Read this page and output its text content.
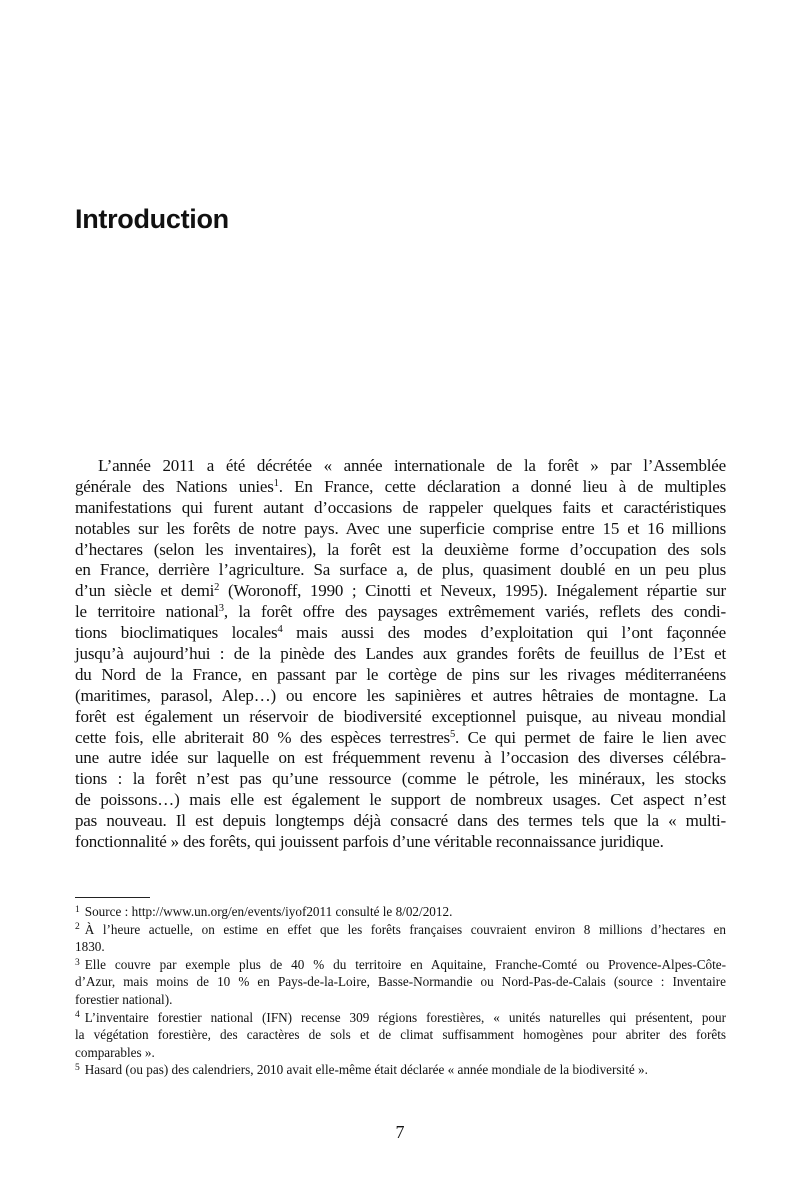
Introduction
L’année 2011 a été décrétée « année internationale de la forêt » par l’Assemblée
générale des Nations unies$^1$. En France, cette déclaration a donné lieu à de multiples
manifestations qui furent autant d’occasions de rappeler quelques faits et caractéristiques
notables sur les forêts de notre pays. Avec une superficie comprise entre 15 et 16 millions
d’hectares (selon les inventaires), la forêt est la deuxième forme d’occupation des sols
en France, derrière l’agriculture. Sa surface a, de plus, quasiment doublé en un peu plus
d’un siècle et demi$^2$ (Woronoff, 1990 ; Cinotti et Neveux, 1995). Inégalement répartie sur
le territoire national$^3$, la forêt offre des paysages extrêmement variés, reflets des condi-
tions bioclimatiques locales$^4$ mais aussi des modes d’exploitation qui l’ont façonnée
jusqu’à aujourd’hui : de la pinède des Landes aux grandes forêts de feuillus de l’Est et
du Nord de la France, en passant par le cortège de pins sur les rivages méditerranéens
(maritimes, parasol, Alep…) ou encore les sapinières et autres hêtraies de montagne. La
forêt est également un réservoir de biodiversité exceptionnel puisque, au niveau mondial
cette fois, elle abriterait 80 % des espèces terrestres$^5$. Ce qui permet de faire le lien avec
une autre idée sur laquelle on est fréquemment revenu à l’occasion des diverses célébra-
tions : la forêt n’est pas qu’une ressource (comme le pétrole, les minéraux, les stocks
de poissons…) mais elle est également le support de nombreux usages. Cet aspect n’est
pas nouveau. Il est depuis longtemps déjà consacré dans des termes tels que la « multi-
fonctionnalité » des forêts, qui jouissent parfois d’une véritable reconnaissance juridique.
$^1$ Source : http://www.un.org/en/events/iyof2011 consulté le 8/02/2012.
$^2$ À l’heure actuelle, on estime en effet que les forêts françaises couvraient environ 8 millions d’hectares en
1830.
$^3$ Elle couvre par exemple plus de 40 % du territoire en Aquitaine, Franche-Comté ou Provence-Alpes-Côte-
d’Azur, mais moins de 10 % en Pays-de-la-Loire, Basse-Normandie ou Nord-Pas-de-Calais (source : Inventaire
forestier national).
$^4$ L’inventaire forestier national (IFN) recense 309 régions forestières, « unités naturelles qui présentent, pour
la végétation forestière, des caractères de sols et de climat suffisamment homogènes pour abriter des forêts
comparables ».
$^5$ Hasard (ou pas) des calendriers, 2010 avait elle-même était déclarée « année mondiale de la biodiversité ».
7
